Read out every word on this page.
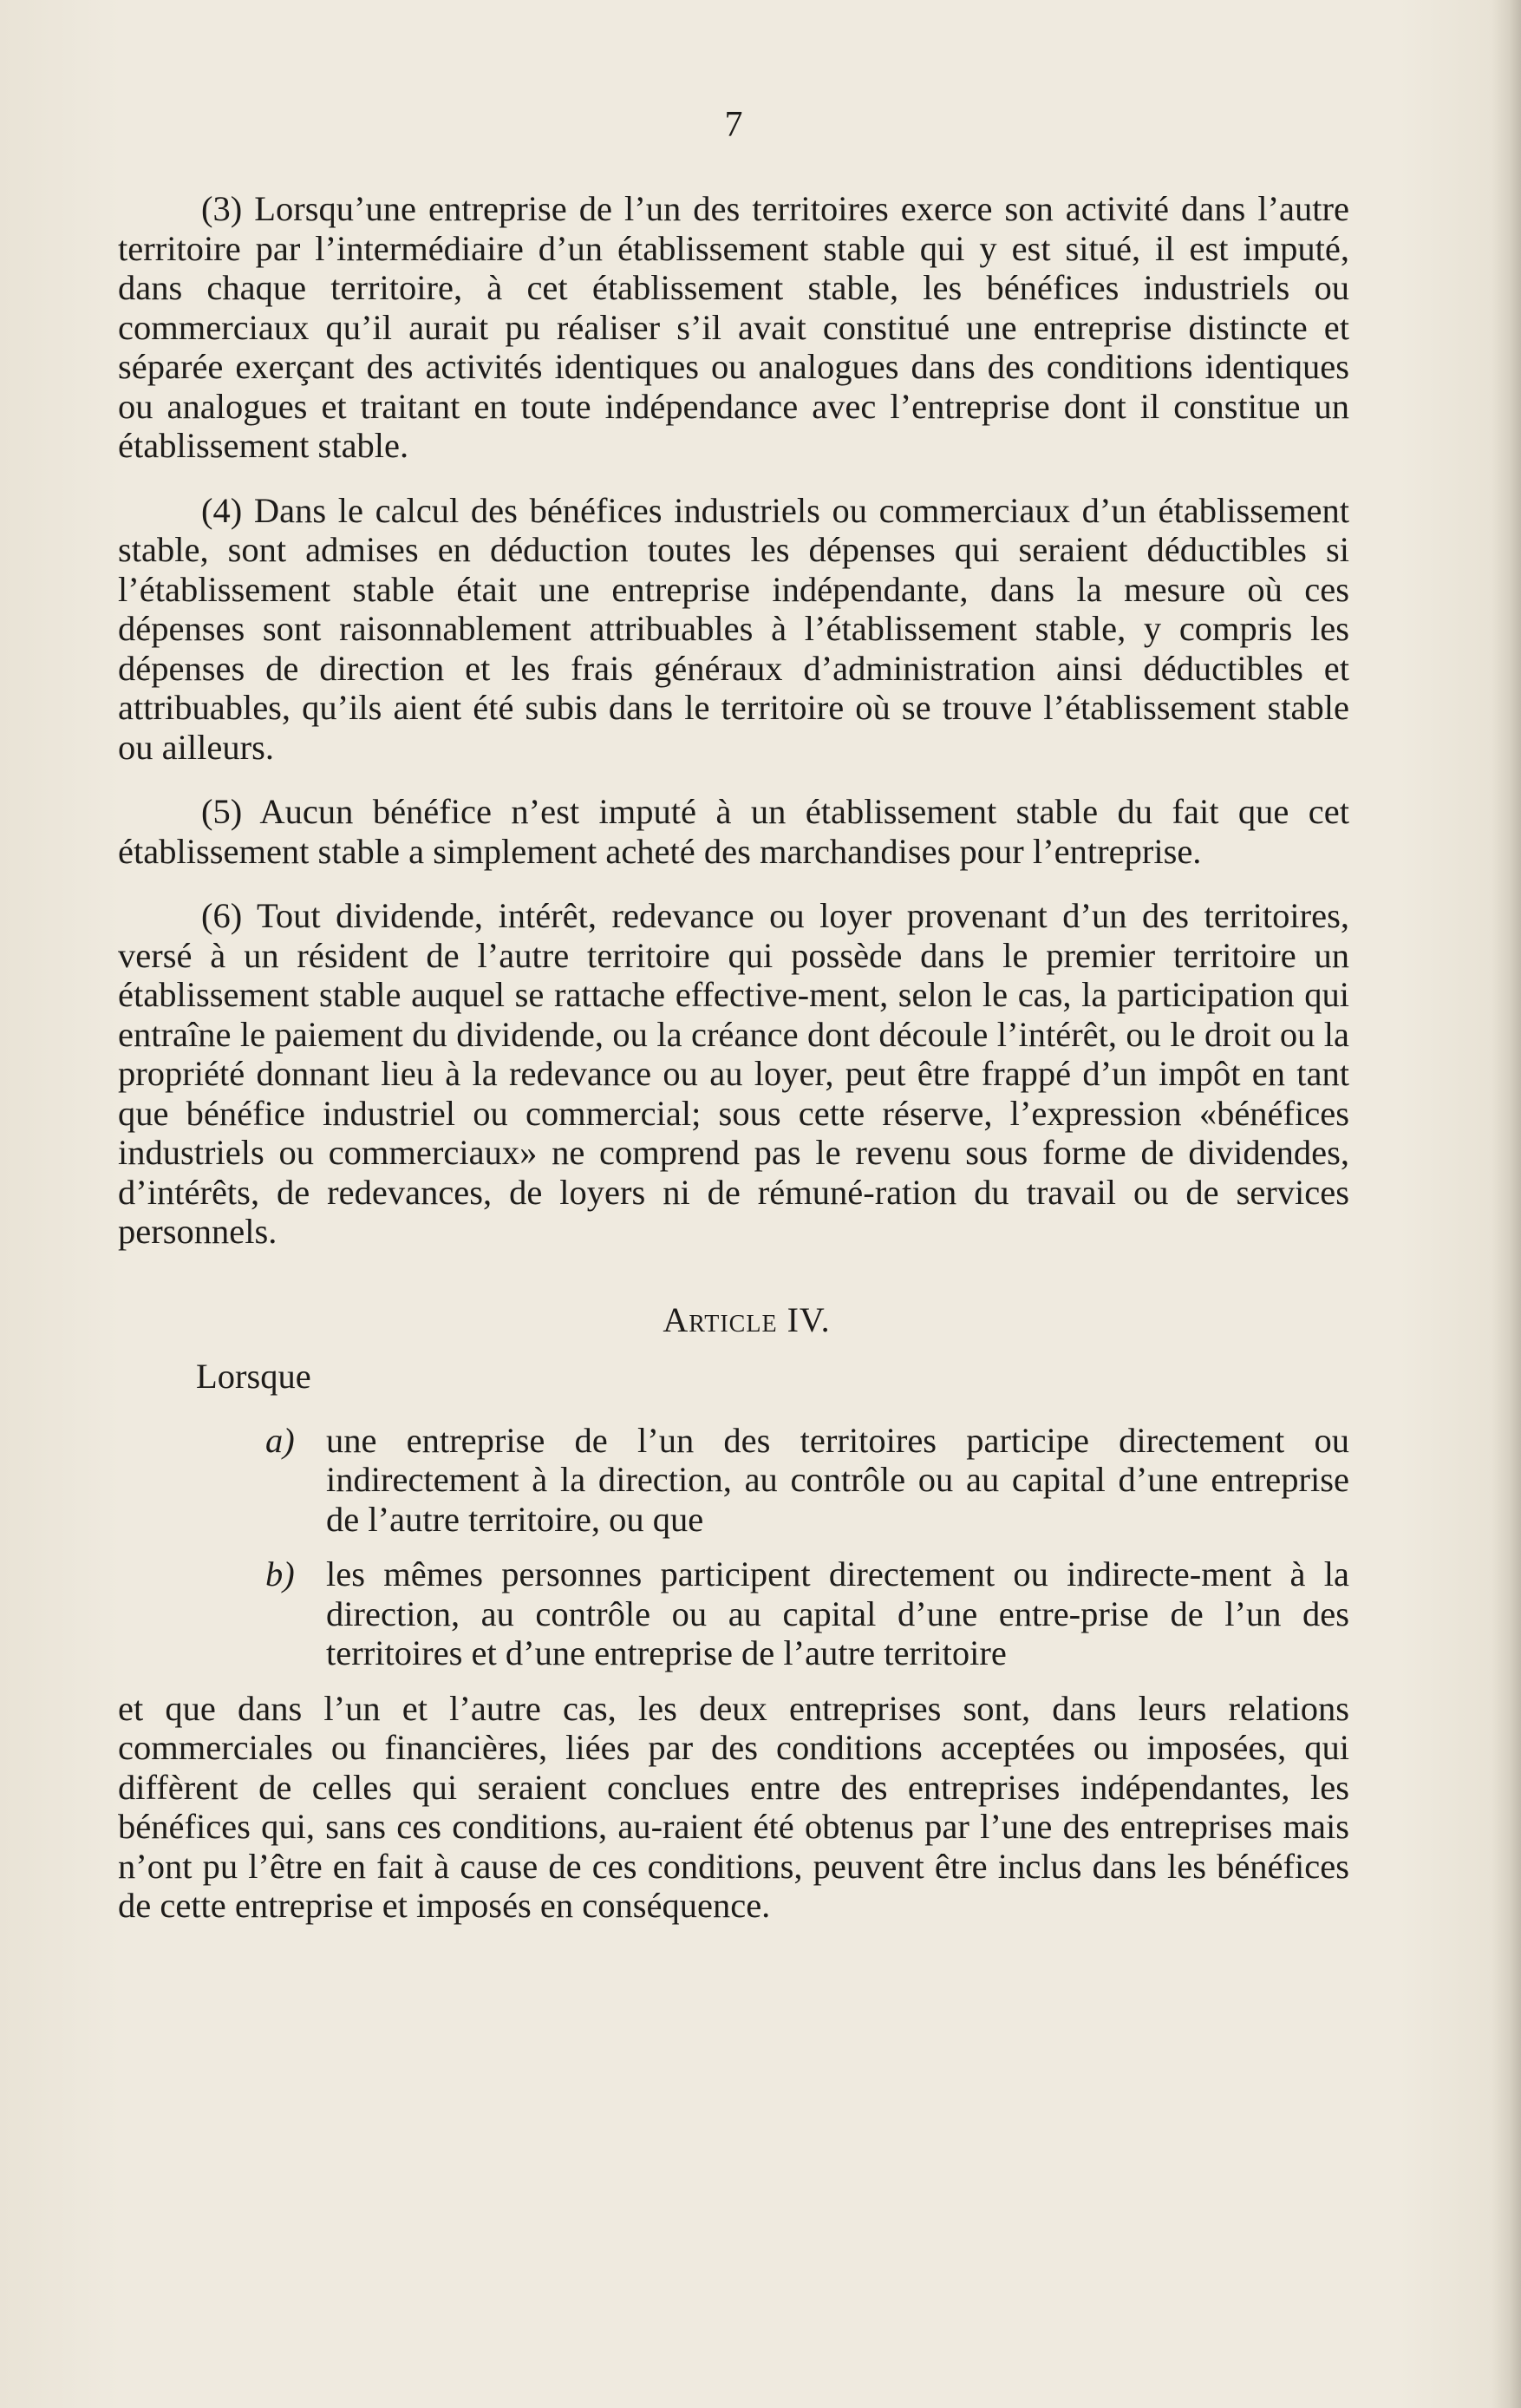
7

(3) Lorsqu’une entreprise de l’un des territoires exerce son activité dans l’autre territoire par l’intermédiaire d’un établissement stable qui y est situé, il est imputé, dans chaque territoire, à cet établissement stable, les bénéfices industriels ou commerciaux qu’il aurait pu réaliser s’il avait constitué une entreprise distincte et séparée exerçant des activités identiques ou analogues dans des conditions identiques ou analogues et traitant en toute indépendance avec l’entreprise dont il constitue un établissement stable.

(4) Dans le calcul des bénéfices industriels ou commerciaux d’un établissement stable, sont admises en déduction toutes les dépenses qui seraient déductibles si l’établissement stable était une entreprise indépendante, dans la mesure où ces dépenses sont raisonnablement attribuables à l’établissement stable, y compris les dépenses de direction et les frais généraux d’administration ainsi déductibles et attribuables, qu’ils aient été subis dans le territoire où se trouve l’établissement stable ou ailleurs.

(5) Aucun bénéfice n’est imputé à un établissement stable du fait que cet établissement stable a simplement acheté des marchandises pour l’entreprise.

(6) Tout dividende, intérêt, redevance ou loyer provenant d’un des territoires, versé à un résident de l’autre territoire qui possède dans le premier territoire un établissement stable auquel se rattache effective-ment, selon le cas, la participation qui entraîne le paiement du dividende, ou la créance dont découle l’intérêt, ou le droit ou la propriété donnant lieu à la redevance ou au loyer, peut être frappé d’un impôt en tant que bénéfice industriel ou commercial; sous cette réserve, l’expression «bénéfices industriels ou commerciaux» ne comprend pas le revenu sous forme de dividendes, d’intérêts, de redevances, de loyers ni de rémuné-ration du travail ou de services personnels.

Article IV.
Lorsque
a) une entreprise de l’un des territoires participe directement ou indirectement à la direction, au contrôle ou au capital d’une entreprise de l’autre territoire, ou que
b) les mêmes personnes participent directement ou indirecte-ment à la direction, au contrôle ou au capital d’une entre-prise de l’un des territoires et d’une entreprise de l’autre territoire

et que dans l’un et l’autre cas, les deux entreprises sont, dans leurs relations commerciales ou financières, liées par des conditions acceptées ou imposées, qui diffèrent de celles qui seraient conclues entre des entreprises indépendantes, les bénéfices qui, sans ces conditions, au-raient été obtenus par l’une des entreprises mais n’ont pu l’être en fait à cause de ces conditions, peuvent être inclus dans les bénéfices de cette entreprise et imposés en conséquence.
